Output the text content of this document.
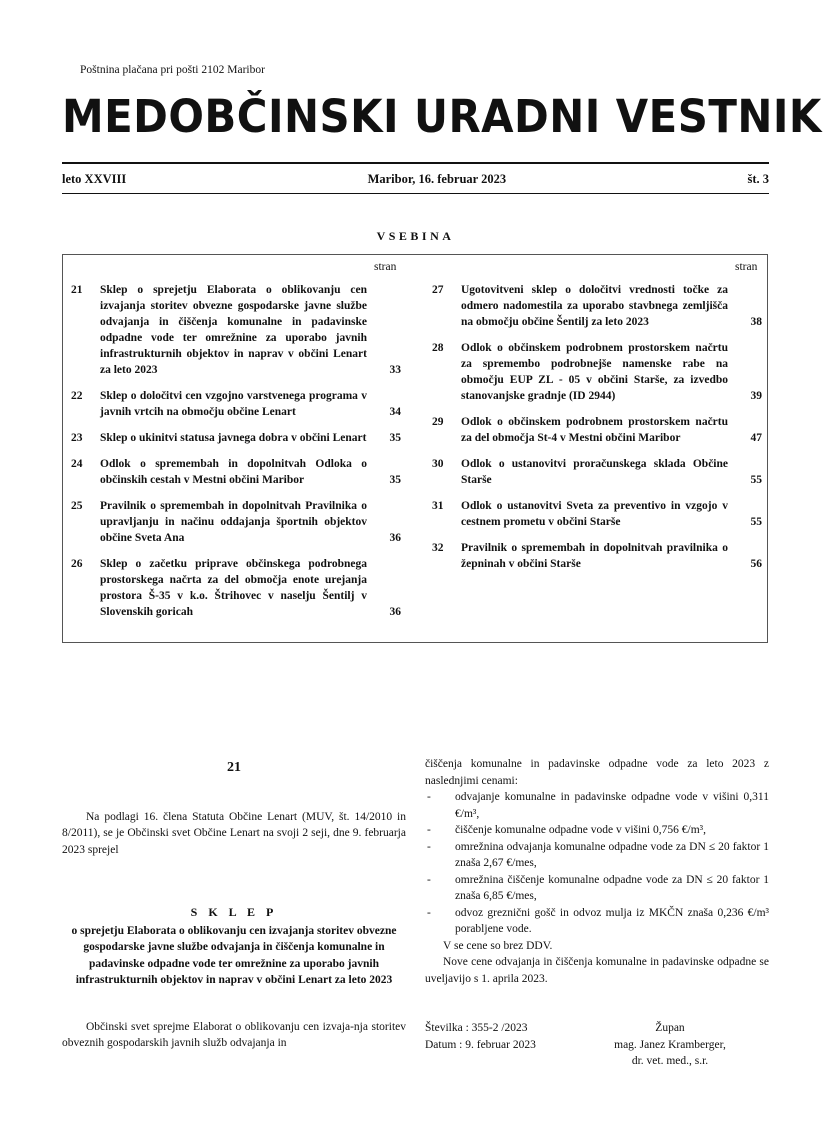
Poštnina plačana pri pošti 2102 Maribor
MEDOBČINSKI URADNI VESTNIK
leto XXVIII	Maribor, 16. februar 2023	št. 3
VSEBINA
stran	stran
21 Sklep o sprejetju Elaborata o oblikovanju cen izvajanja storitev obvezne gospodarske javne službe odvajanja in čiščenja komunalne in padavinske odpadne vode ter omrežnine za uporabo javnih infrastrukturnih objektov in naprav v občini Lenart za leto 2023	33
22 Sklep o določitvi cen vzgojno varstvenega programa v javnih vrtcih na območju občine Lenart	34
23 Sklep o ukinitvi statusa javnega dobra v občini Lenart 35
24 Odlok o spremembah in dopolnitvah Odloka o občinskih cestah v Mestni občini Maribor	35
25 Pravilnik o spremembah in dopolnitvah Pravilnika o upravljanju in načinu oddajanja športnih objektov občine Sveta Ana	36
26 Sklep o začetku priprave občinskega podrobnega prostorskega načrta za del območja enote urejanja prostora Š-35 v k.o. Štrihovec v naselju Šentilj v Slovenskih goricah	36
27 Ugotovitveni sklep o določitvi vrednosti točke za odmero nadomestila za uporabo stavbnega zemljišča na območju občine Šentilj za leto 2023	38
28 Odlok o občinskem podrobnem prostorskem načrtu za spremembo podrobnejše namenske rabe na območju EUP ZL - 05 v občini Starše, za izvedbo stanovanjske gradnje (ID 2944)	39
29 Odlok o občinskem podrobnem prostorskem načrtu za del območja St-4 v Mestni občini Maribor	47
30 Odlok o ustanovitvi proračunskega sklada Občine Starše	55
31 Odlok o ustanovitvi Sveta za preventivo in vzgojo v cestnem prometu v občini Starše	55
32 Pravilnik o spremembah in dopolnitvah pravilnika o žepninah v občini Starše	56
21

Na podlagi 16. člena Statuta Občine Lenart (MUV, št. 14/2010 in 8/2011), se je Občinski svet Občine Lenart na svoji 2 seji, dne 9. februarja 2023 sprejel

S K L E P

o sprejetju Elaborata o oblikovanju cen izvajanja storitev obvezne gospodarske javne službe odvajanja in čiščenja komunalne in padavinske odpadne vode ter omrežnine za uporabo javnih infrastrukturnih objektov in naprav v občini Lenart za leto 2023

Občinski svet sprejme Elaborat o oblikovanju cen izvaja-nja storitev obveznih gospodarskih javnih služb odvajanja in

čiščenja komunalne in padavinske odpadne vode za leto 2023 z naslednjimi cenami:

- odvajanje komunalne in padavinske odpadne vode v višini 0,311 €/m³,
- čiščenje komunalne odpadne vode v višini 0,756 €/m³,
- omrežnina odvajanja komunalne odpadne vode za DN ≤ 20 faktor 1 znaša 2,67 €/mes,
- omrežnina čiščenje komunalne odpadne vode za DN ≤ 20 faktor 1 znaša 6,85 €/mes,
- odvoz greznični gošč in odvoz mulja iz MKČN znaša 0,236 €/m³ porabljene vode.

V se cene so brez DDV.

Nove cene odvajanja in čiščenja komunalne in padavinske odpadne se uveljavijo s 1. aprila 2023.

Številka : 355-2 /2023
Datum : 9. februar 2023
Župan
mag. Janez Kramberger,
dr. vet. med., s.r.
